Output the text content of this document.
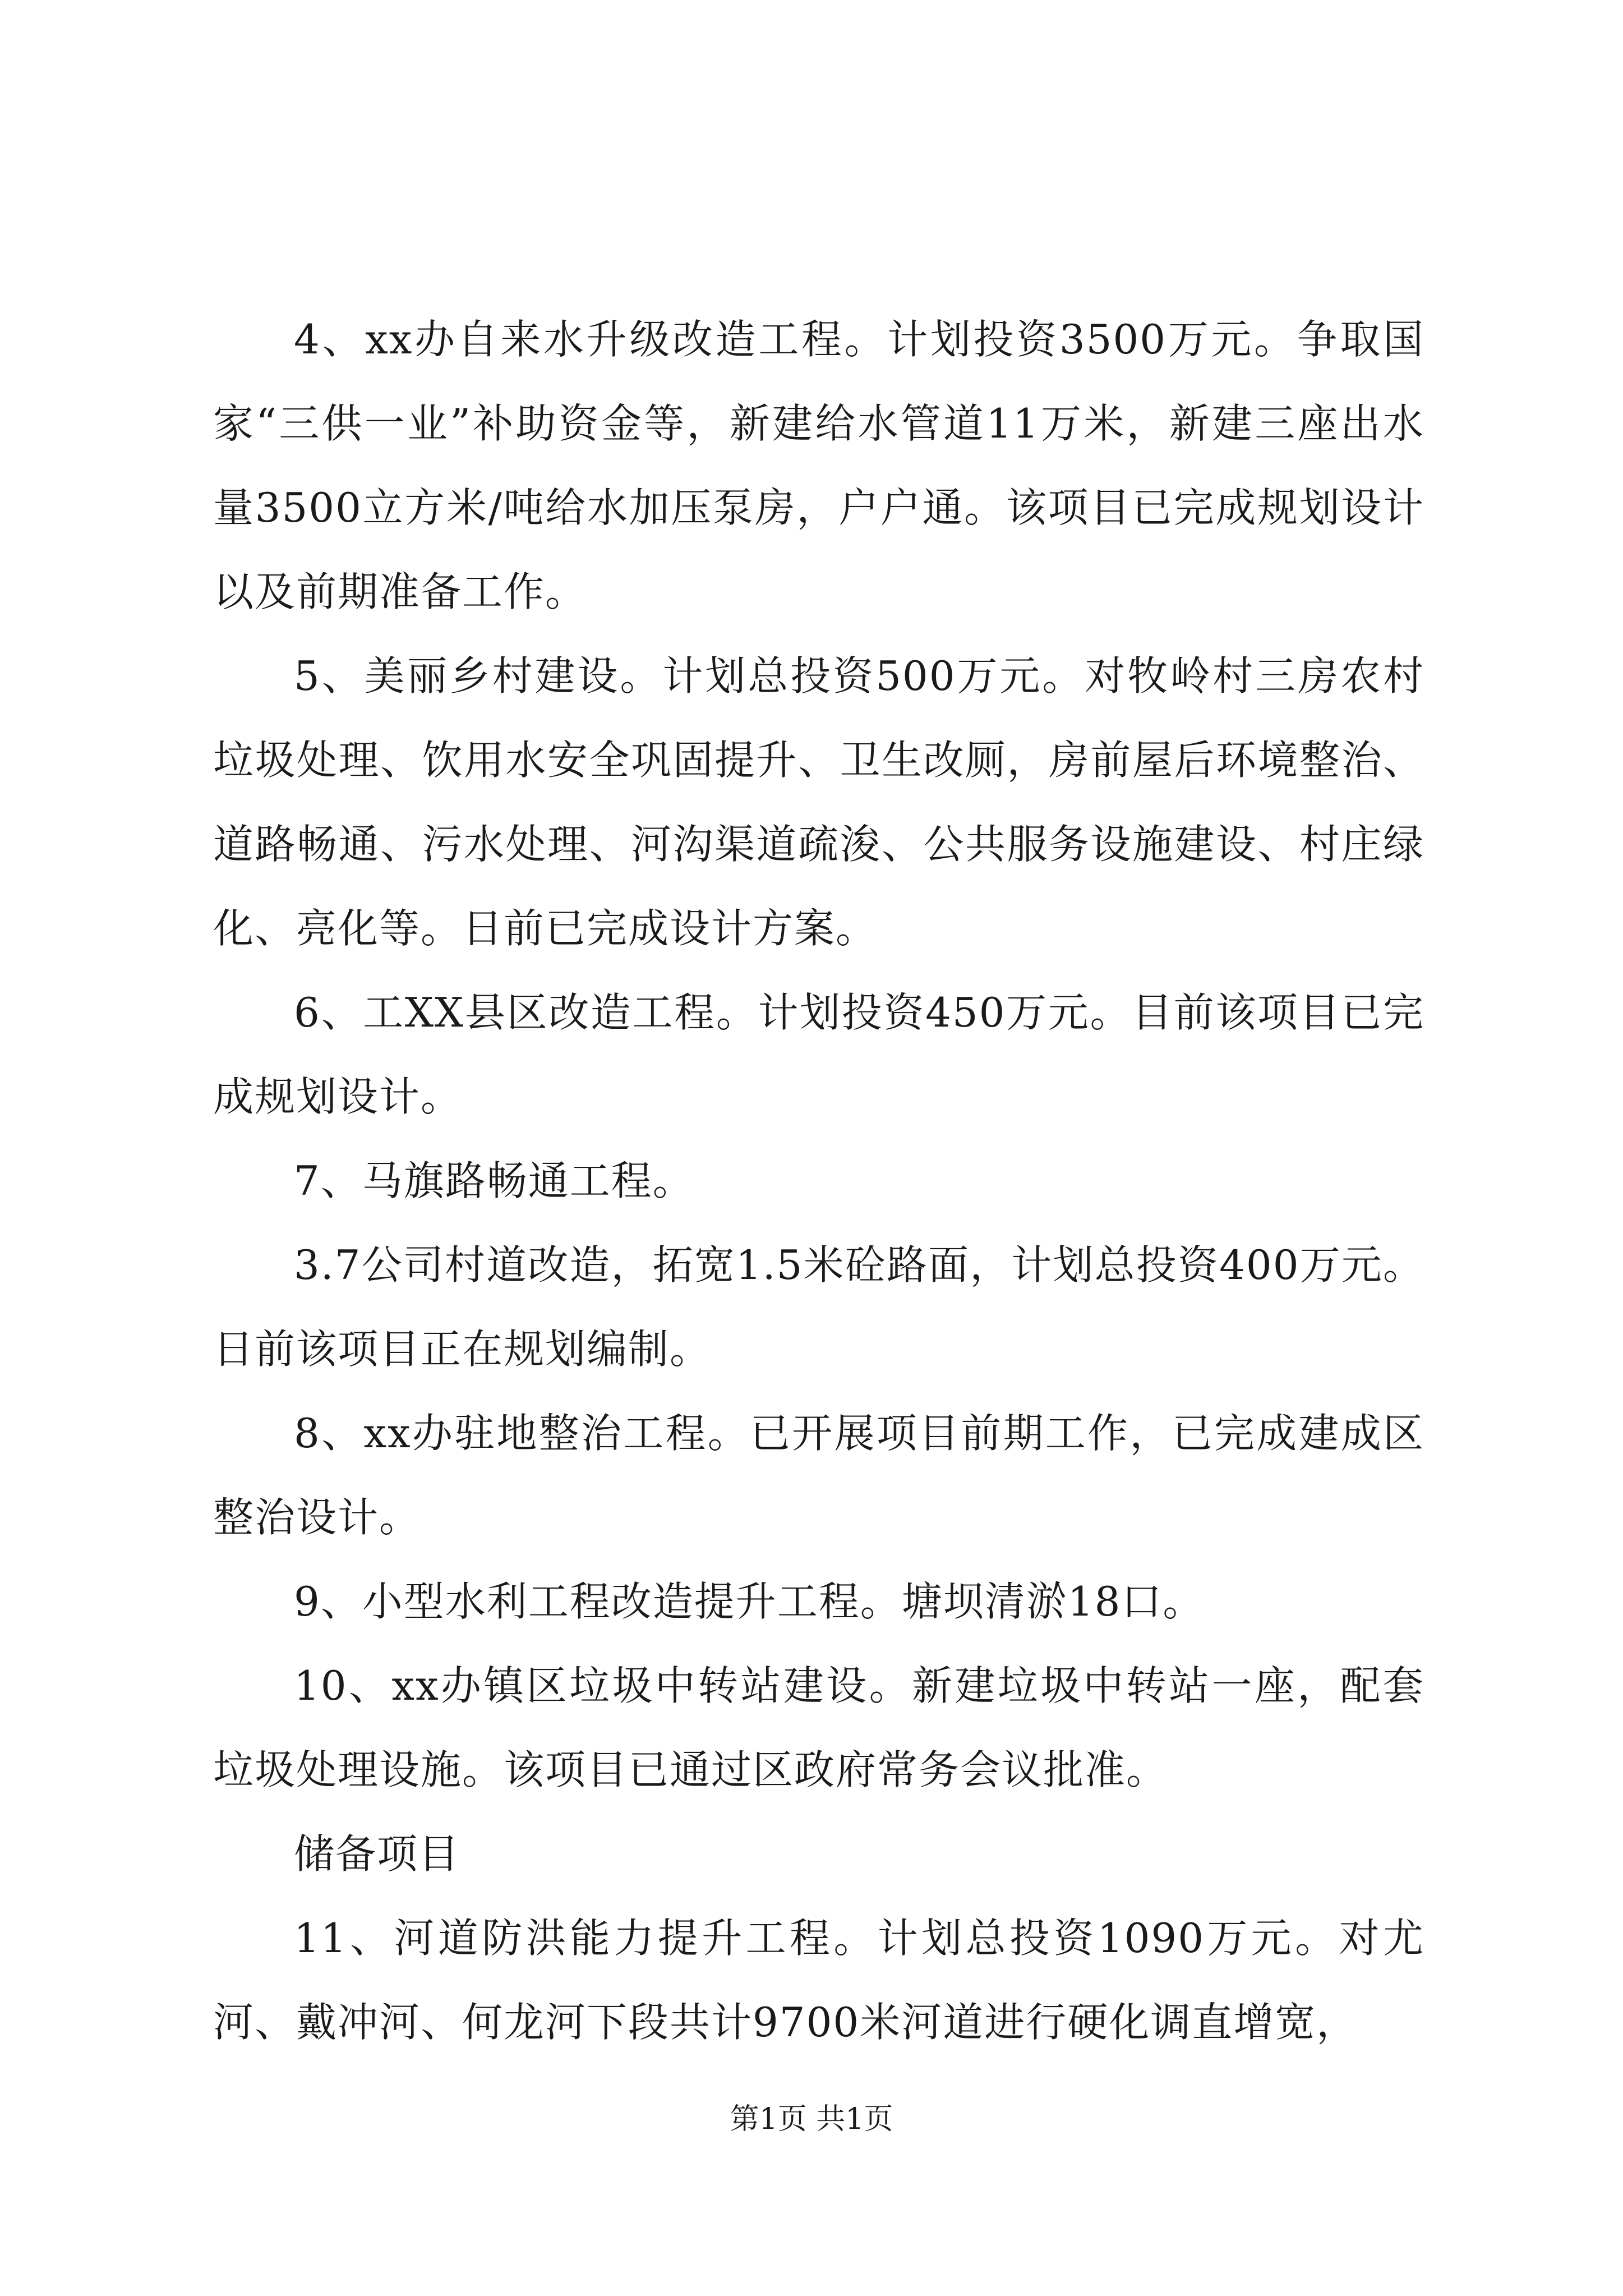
4、xx办自来水升级改造工程。计划投资3500万元。争取国家“三供一业”补助资金等，新建给水管道11万米，新建三座出水量3500立方米/吨给水加压泵房，户户通。该项目已完成规划设计以及前期准备工作。

5、美丽乡村建设。计划总投资500万元。对牧岭村三房农村垃圾处理、饮用水安全巩固提升、卫生改厕，房前屋后环境整治、道路畅通、污水处理、河沟渠道疏浚、公共服务设施建设、村庄绿化、亮化等。日前已完成设计方案。

6、工XX县区改造工程。计划投资450万元。目前该项目已完成规划设计。

7、马旗路畅通工程。

3.7公司村道改造，拓宽1.5米砼路面，计划总投资400万元。日前该项目正在规划编制。

8、xx办驻地整治工程。已开展项目前期工作，已完成建成区整治设计。

9、小型水利工程改造提升工程。塘坝清淤18口。

10、xx办镇区垃圾中转站建设。新建垃圾中转站一座，配套垃圾处理设施。该项目已通过区政府常务会议批准。

储备项目

11、河道防洪能力提升工程。计划总投资1090万元。对尤河、戴冲河、何龙河下段共计9700米河道进行硬化调直增宽，

第1页 共1页
